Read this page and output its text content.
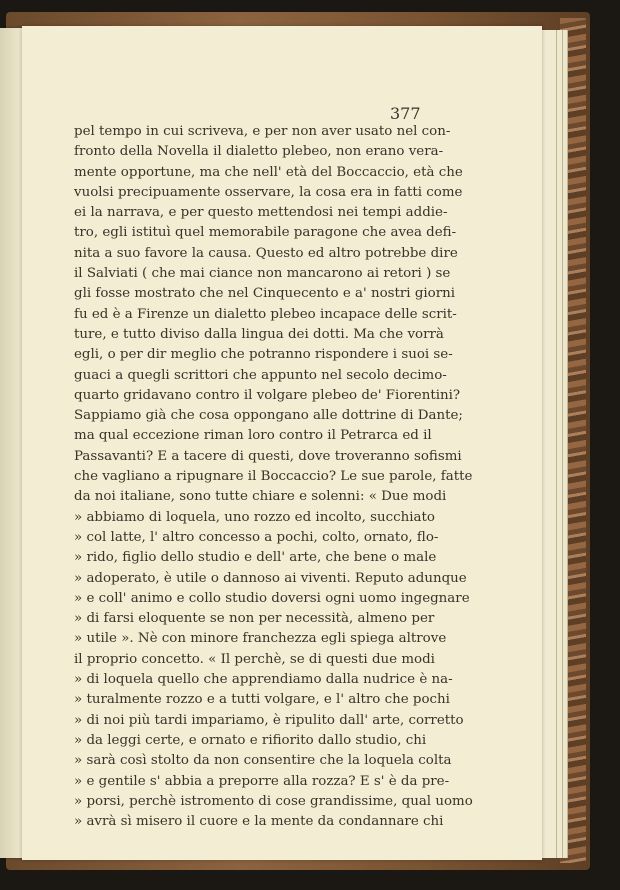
377
pel tempo in cui scriveva, e per non aver usato nel con-
fronto della Novella il dialetto plebeo, non erano vera-
mente opportune, ma che nell' età del Boccaccio, età che
vuolsi precipuamente osservare, la cosa era in fatti come
ei la narrava, e per questo mettendosi nei tempi addie-
tro, egli istituì quel memorabile paragone che avea defi-
nita a suo favore la causa. Questo ed altro potrebbe dire
il Salviati ( che mai ciance non mancarono ai retori ) se
gli fosse mostrato che nel Cinquecento e a' nostri giorni
fu ed è a Firenze un dialetto plebeo incapace delle scrit-
ture, e tutto diviso dalla lingua dei dotti. Ma che vorrà
egli, o per dir meglio che potranno rispondere i suoi se-
guaci a quegli scrittori che appunto nel secolo decimo-
quarto gridavano contro il volgare plebeo de' Fiorentini?
Sappiamo già che cosa oppongano alle dottrine di Dante;
ma qual eccezione riman loro contro il Petrarca ed il
Passavanti? E a tacere di questi, dove troveranno sofismi
che vagliano a ripugnare il Boccaccio? Le sue parole, fatte
da noi italiane, sono tutte chiare e solenni: « Due modi
» abbiamo di loquela, uno rozzo ed incolto, succhiato
» col latte, l' altro concesso a pochi, colto, ornato, flo-
» rido, figlio dello studio e dell' arte, che bene o male
» adoperato, è utile o dannoso ai viventi. Reputo adunque
» e coll' animo e collo studio doversi ogni uomo ingegnare
» di farsi eloquente se non per necessità, almeno per
» utile ». Nè con minore franchezza egli spiega altrove
il proprio concetto. « Il perchè, se di questi due modi
» di loquela quello che apprendiamo dalla nudrice è na-
» turalmente rozzo e a tutti volgare, e l' altro che pochi
» di noi più tardi impariamo, è ripulito dall' arte, corretto
» da leggi certe, e ornato e rifiorito dallo studio, chi
» sarà così stolto da non consentire che la loquela colta
» e gentile s' abbia a preporre alla rozza? E s' è da pre-
» porsi, perchè istromento di cose grandissime, qual uomo
» avrà sì misero il cuore e la mente da condannare chi
